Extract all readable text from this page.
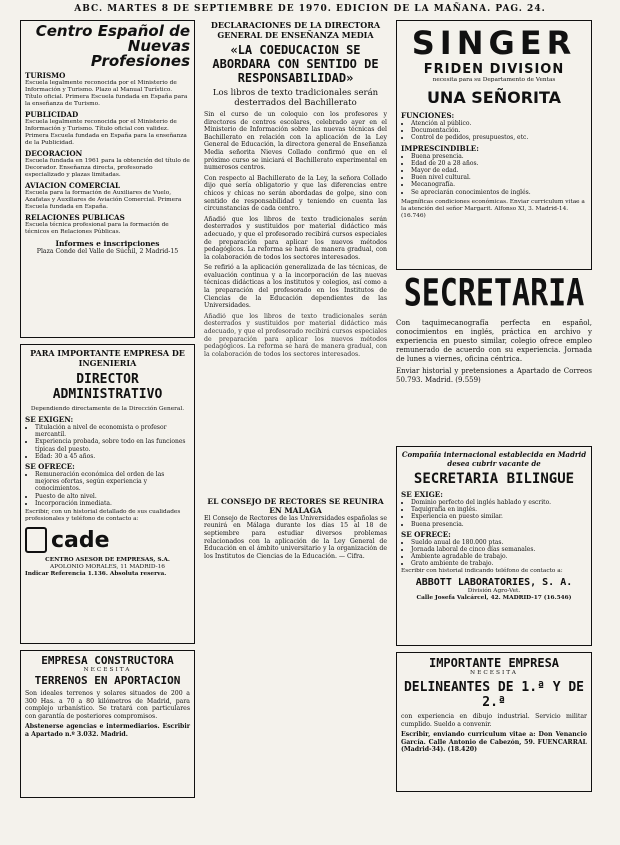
ABC. MARTES 8 DE SEPTIEMBRE DE 1970. EDICION DE LA MAÑANA. PAG. 24.
Centro Español de Nuevas Profesiones
TURISMO
Escuela legalmente reconocida por el Ministerio de Información y Turismo. Plazo al Manual Turístico. Título oficial. Primera Escuela fundada en España para la enseñanza de Turismo.
PUBLICIDAD
Escuela legalmente reconocida por el Ministerio de Información y Turismo. Título oficial con validez. Primera Escuela fundada en España para la enseñanza de la Publicidad.
DECORACION
Escuela fundada en 1961 para la obtención del título de Decorador. Enseñanza directa, profesorado especializado y plazas limitadas.
AVIACION COMERCIAL
Escuela para la formación de Auxiliares de Vuelo, Azafatas y Auxiliares de Aviación Comercial. Primera Escuela fundada en España.
RELACIONES PUBLICAS
Escuela técnica profesional para la formación de técnicos en Relaciones Públicas.
Informes e inscripciones
Plaza Conde del Valle de Súchil, 2 Madrid-15
PARA IMPORTANTE EMPRESA DE INGENIERIA
DIRECTOR ADMINISTRATIVO
Dependiendo directamente de la Dirección General.
SE EXIGEN:
• Titulación a nivel de economista o profesor mercantil.
• Experiencia probada, sobre todo en las funciones típicas del puesto.
• Edad: 30 a 45 años.
SE OFRECE:
• Remuneración económica del orden de las mejores ofertas, según experiencia y conocimientos.
• Puesto de alto nivel.
• Incorporación inmediata.
Escribir, con un historial detallado de sus cualidades profesionales y teléfono de contacto a:
cade
CENTRO ASESOR DE EMPRESAS, S.A.
APOLONIO MORALES, 11 MADRID-16
Indicar Referencia 1.136. Absoluta reserva.
EMPRESA CONSTRUCTORA
NECESITA
TERRENOS EN APORTACION
Son ideales terrenos y solares situados de 200 a 300 Has. a 70 a 80 kilómetros de Madrid, para complejo urbanístico. Se tratará con particulares con garantía de posteriores compromisos.
Abstenerse agencias e intermediarios. Escribir a Apartado n.º 3.032. Madrid.
DECLARACIONES DE LA DIRECTORA GENERAL DE ENSEÑANZA MEDIA
«LA COEDUCACION SE ABORDARA CON SENTIDO DE RESPONSABILIDAD»
Los libros de texto tradicionales serán desterrados del Bachillerato
Sin el curso de un coloquio con los profesores y directores de centros escolares, celebrado ayer en el Ministerio de Información sobre las nuevas técnicas del Bachillerato en relación con la aplicación de la Ley General de Educación, la directora general de Enseñanza Media señorita Nieves Collado confirmó que en el próximo curso se iniciará el Bachillerato experimental en numerosos centros.
Con respecto al Bachillerato de la Ley, la señora Collado dijo que sería obligatorio y que las diferencias entre chicos y chicas no serán abordadas de golpe, sino con sentido de responsabilidad y teniendo en cuenta las circunstancias de cada centro.
Añadió que los libros de texto tradicionales serán desterrados y sustituidos por material didáctico más adecuado, y que el profesorado recibirá cursos especiales de preparación para aplicar los nuevos métodos pedagógicos. La reforma se hará de manera gradual, con la colaboración de todos los sectores interesados.
Se refirió a la aplicación generalizada de las técnicas, de evaluación continua y a la incorporación de las nuevas técnicas didácticas a los institutos y colegios, así como a la preparación del profesorado en los Institutos de Ciencias de la Educación dependientes de las Universidades.
Añadió que los libros de texto tradicionales serán desterrados y sustituidos por material didáctico más adecuado, y que el profesorado recibirá cursos especiales de preparación para aplicar los nuevos métodos pedagógicos. La reforma se hará de manera gradual, con la colaboración de todos los sectores interesados.
EL CONSEJO DE RECTORES SE REUNIRA EN MALAGA
El Consejo de Rectores de las Universidades españolas se reunirá en Málaga durante los días 15 al 18 de septiembre para estudiar diversos problemas relacionados con la aplicación de la Ley General de Educación en el ámbito universitario y la organización de los Institutos de Ciencias de la Educación. — Cifra.
SINGER
FRIDEN DIVISION
necesita para su Departamento de Ventas
UNA SEÑORITA
FUNCIONES:
• Atención al público.
• Documentación.
• Control de pedidos, presupuestos, etc.
IMPRESCINDIBLE:
• Buena presencia.
• Edad de 20 a 28 años.
• Mayor de edad.
• Buen nivel cultural.
• Mecanografía.
• Se apreciarán conocimientos de inglés.
Magníficas condiciones económicas. Enviar curriculum vitae a la atención del señor Margarit. Alfonso XI, 3. Madrid-14. (16.746)
SECRETARIA
Con taquimecanografía perfecta en español, conocimientos en inglés, práctica en archivo y experiencia en puesto similar, colegio ofrece empleo remunerado de acuerdo con su experiencia. Jornada de lunes a viernes, oficina céntrica.
Enviar historial y pretensiones a Apartado de Correos 50.793. Madrid. (9.559)
Compañía internacional establecida en Madrid desea cubrir vacante de
SECRETARIA BILINGUE
SE EXIGE:
• Dominio perfecto del inglés hablado y escrito.
• Taquigrafía en inglés.
• Experiencia en puesto similar.
• Buena presencia.
SE OFRECE:
• Sueldo anual de 180.000 ptas.
• Jornada laboral de cinco días semanales.
• Ambiente agradable de trabajo.
• Grato ambiente de trabajo.
Escribir con historial indicando teléfono de contacto a:
ABBOTT LABORATORIES, S. A.
División Agro-Vet.
Calle Josefa Valcárcel, 42. MADRID-17 (16.546)
IMPORTANTE EMPRESA
NECESITA
DELINEANTES DE 1.ª Y DE 2.ª
con experiencia en dibujo industrial. Servicio militar cumplido. Sueldo a convenir.
Escribir, enviando curriculum vitae a: Don Venancio García. Calle Antonio de Cabezón, 59. FUENCARRAL (Madrid-34). (18.420)
